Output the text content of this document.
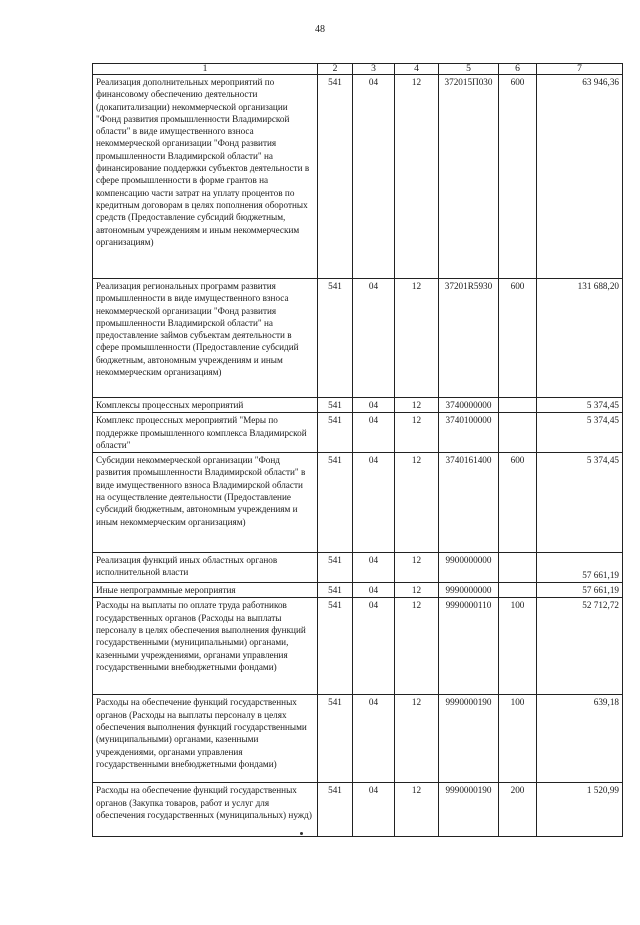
48
1	2	3	4	5	6	7
Реализация дополнительных мероприятий по финансовому обеспечению деятельности (докапитализации) некоммерческой организации "Фонд развития промышленности Владимирской области" в виде имущественного взноса некоммерческой организации "Фонд развития промышленности Владимирской области" на финансирование поддержки субъектов деятельности в сфере промышленности в форме грантов на компенсацию части затрат на уплату процентов по кредитным договорам в целях пополнения оборотных средств (Предоставление субсидий бюджетным, автономным учреждениям и иным некоммерческим организациям)	541	04	12	372015П030	600	63 946,36
Реализация региональных программ развития промышленности в виде имущественного взноса некоммерческой организации "Фонд развития промышленности Владимирской области" на предоставление займов субъектам деятельности в сфере промышленности (Предоставление субсидий бюджетным, автономным учреждениям и иным некоммерческим организациям)	541	04	12	37201R5930	600	131 688,20
Комплексы процессных мероприятий	541	04	12	3740000000		5 374,45
Комплекс процессных мероприятий "Меры по поддержке промышленного комплекса Владимирской области"	541	04	12	3740100000		5 374,45
Субсидии некоммерческой организации "Фонд развития промышленности Владимирской области" в виде имущественного взноса Владимирской области на осуществление деятельности (Предоставление субсидий бюджетным, автономным учреждениям и иным некоммерческим организациям)	541	04	12	3740161400	600	5 374,45
Реализация функций иных областных органов исполнительной власти	541	04	12	9900000000		57 661,19
Иные непрограммные мероприятия	541	04	12	9990000000		57 661,19
Расходы на выплаты по оплате труда работников государственных органов (Расходы на выплаты персоналу в целях обеспечения выполнения функций государственными (муниципальными) органами, казенными учреждениями, органами управления государственными внебюджетными фондами)	541	04	12	9990000110	100	52 712,72
Расходы на обеспечение функций государственных органов (Расходы на выплаты персоналу в целях обеспечения выполнения функций государственными (муниципальными) органами, казенными учреждениями, органами управления государственными внебюджетными фондами)	541	04	12	9990000190	100	639,18
Расходы на обеспечение функций государственных органов (Закупка товаров, работ и услуг для обеспечения государственных (муниципальных) нужд)	541	04	12	9990000190	200	1 520,99
